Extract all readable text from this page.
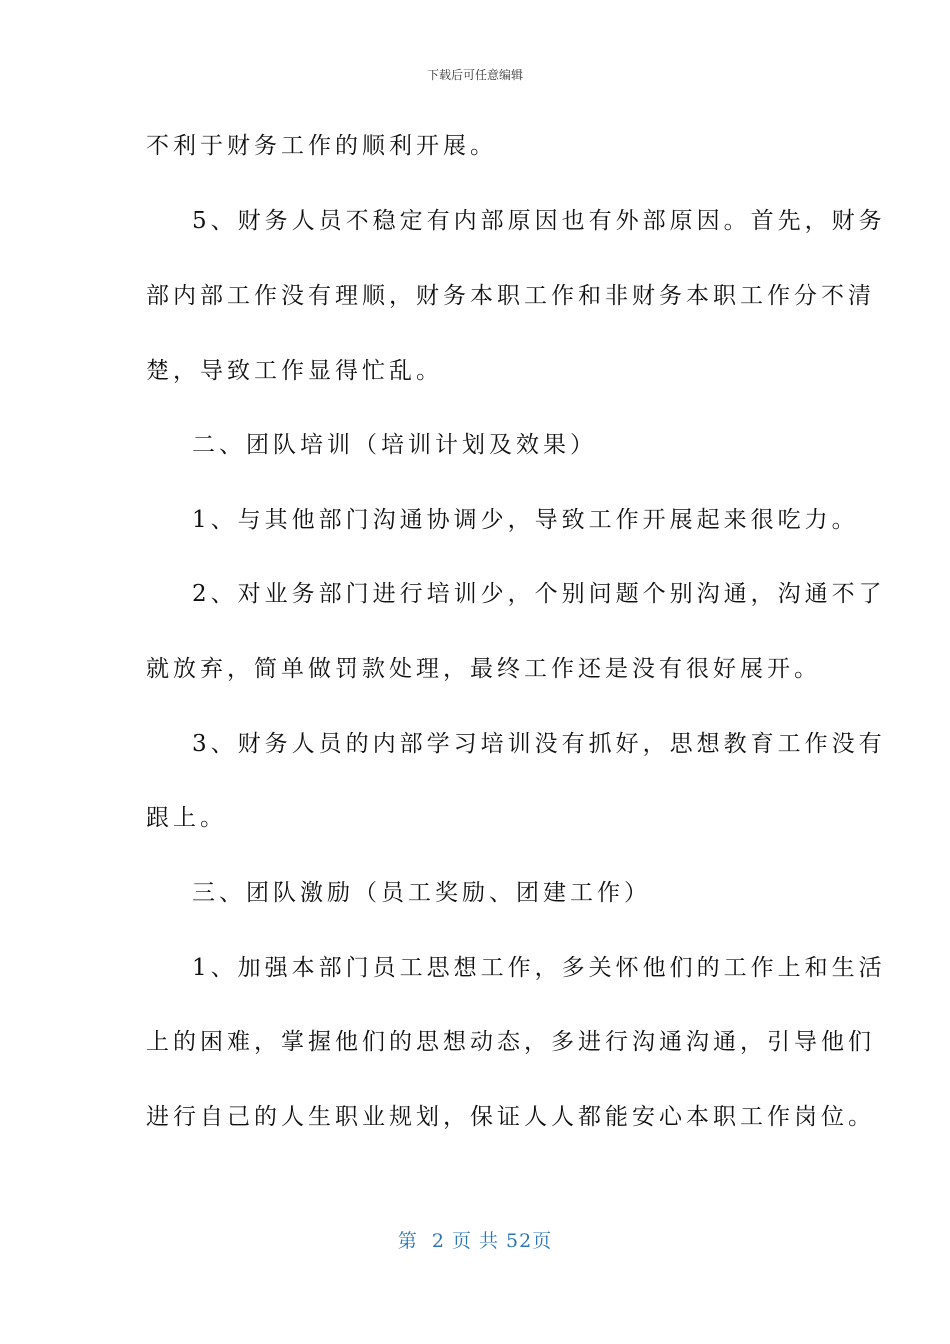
下载后可任意编辑
不利于财务工作的顺利开展。
5、财务人员不稳定有内部原因也有外部原因。首先，财务
部内部工作没有理顺，财务本职工作和非财务本职工作分不清
楚，导致工作显得忙乱。
二、团队培训（培训计划及效果）
1、与其他部门沟通协调少，导致工作开展起来很吃力。
2、对业务部门进行培训少，个别问题个别沟通，沟通不了
就放弃，简单做罚款处理，最终工作还是没有很好展开。
3、财务人员的内部学习培训没有抓好，思想教育工作没有
跟上。
三、团队激励（员工奖励、团建工作）
1、加强本部门员工思想工作，多关怀他们的工作上和生活
上的困难，掌握他们的思想动态，多进行沟通沟通，引导他们
进行自己的人生职业规划，保证人人都能安心本职工作岗位。
第  2 页 共 52页
